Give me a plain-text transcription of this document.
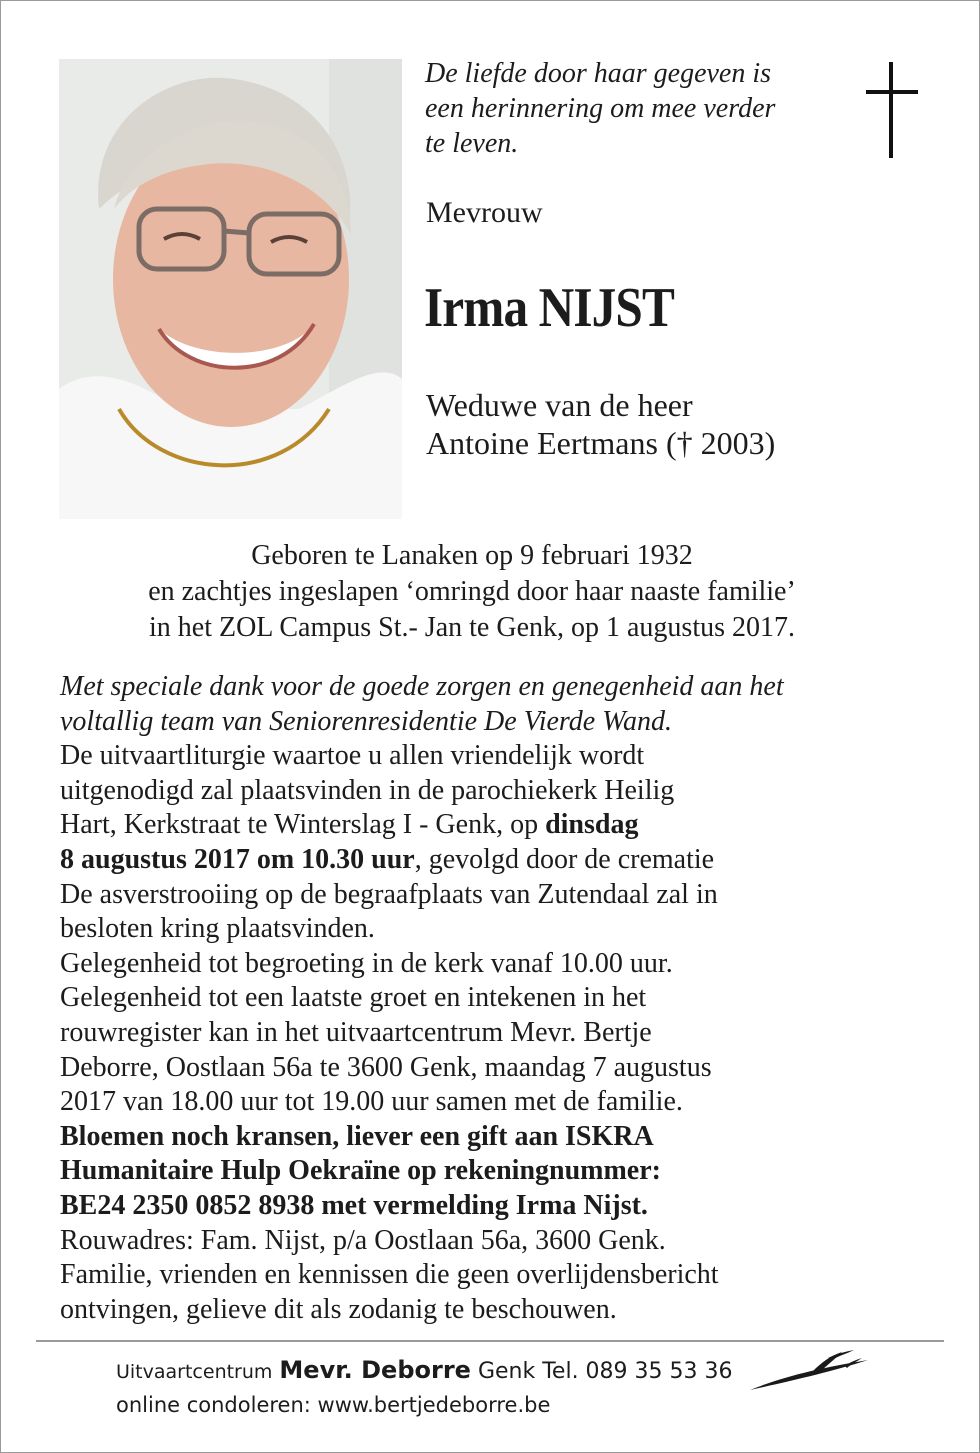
De liefde door haar gegeven is
een herinnering om mee verder
te leven.
Mevrouw
Irma NIJST
Weduwe van de heer
Antoine Eertmans († 2003)
Geboren te Lanaken op 9 februari 1932
en zachtjes ingeslapen ‘omringd door haar naaste familie’
in het ZOL Campus St.- Jan te Genk, op 1 augustus 2017.
Met speciale dank voor de goede zorgen en genegenheid aan het
voltallig team van Seniorenresidentie De Vierde Wand.
De uitvaartliturgie waartoe u allen vriendelijk wordt
uitgenodigd zal plaatsvinden in de parochiekerk Heilig
Hart, Kerkstraat te Winterslag I - Genk, op dinsdag
8 augustus 2017 om 10.30 uur, gevolgd door de crematie
De asverstrooiing op de begraafplaats van Zutendaal zal in
besloten kring plaatsvinden.
Gelegenheid tot begroeting in de kerk vanaf 10.00 uur.
Gelegenheid tot een laatste groet en intekenen in het
rouwregister kan in het uitvaartcentrum Mevr. Bertje
Deborre, Oostlaan 56a te 3600 Genk, maandag 7 augustus
2017 van 18.00 uur tot 19.00 uur samen met de familie.
Bloemen noch kransen, liever een gift aan ISKRA
Humanitaire Hulp Oekraïne op rekeningnummer:
BE24 2350 0852 8938 met vermelding Irma Nijst.
Rouwadres: Fam. Nijst, p/a Oostlaan 56a, 3600 Genk.
Familie, vrienden en kennissen die geen overlijdensbericht
ontvingen, gelieve dit als zodanig te beschouwen.
Uitvaartcentrum Mevr. Deborre Genk Tel. 089 35 53 36
online condoleren: www.bertjedeborre.be
